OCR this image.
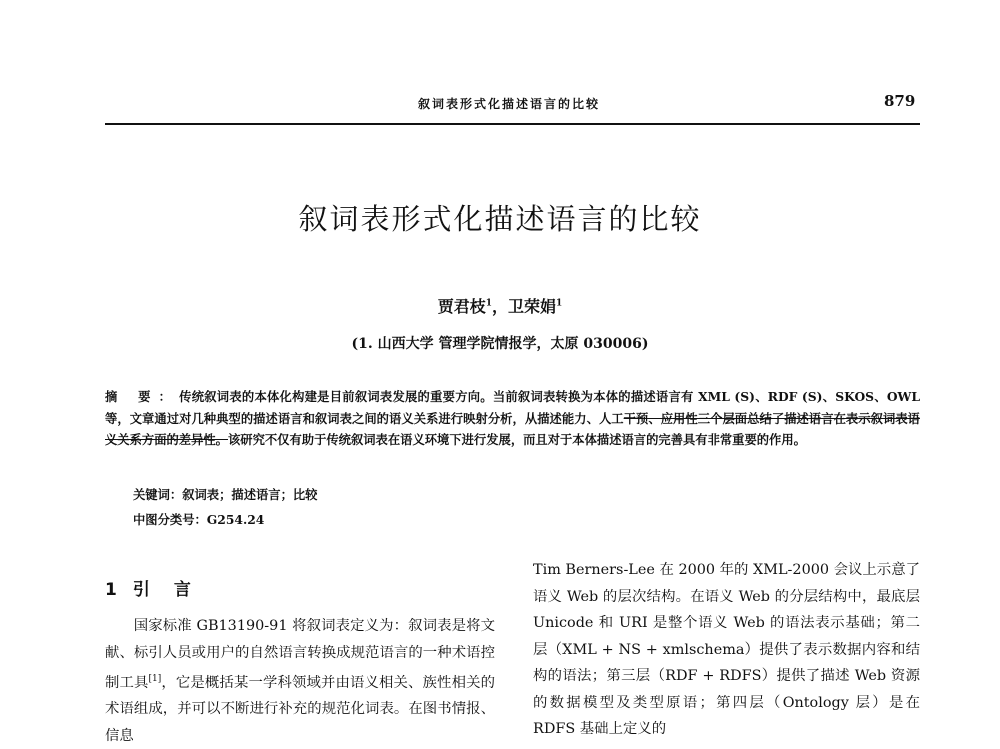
叙词表形式化描述语言的比较	879
叙词表形式化描述语言的比较
贾君枝$^1$，卫荣娟$^1$
(1. 山西大学 管理学院情报学，太原 030006)
摘 要：传统叙词表的本体化构建是目前叙词表发展的重要方向。当前叙词表转换为本体的描述语言有 XML (S)、RDF (S)、SKOS、OWL 等，文章通过对几种典型的描述语言和叙词表之间的语义关系进行映射分析，从描述能力、人工干预、应用性三个层面总结了描述语言在表示叙词表语义关系方面的差异性。该研究不仅有助于传统叙词表在语义环境下进行发展，而且对于本体描述语言的完善具有非常重要的作用。
关键词：叙词表；描述语言；比较
中图分类号：G254.24
1 引言

国家标准 GB13190-91 将叙词表定义为：叙词表是将文献、标引人员或用户的自然语言转换成规范语言的一种术语控制工具[1]，它是概括某一学科领域并由语义相关、族性相关的术语组成，并可以不断进行补充的规范化词表。在图书情报、信息

Tim Berners-Lee 在 2000 年的 XML-2000 会议上示意了语义 Web 的层次结构。在语义 Web 的分层结构中，最底层 Unicode 和 URI 是整个语义 Web 的语法表示基础；第二层（XML + NS + xmlschema）提供了表示数据内容和结构的语法；第三层（RDF + RDFS）提供了描述 Web 资源的数据模型及类型原语；第四层（Ontology 层）是在 RDFS 基础上定义的
